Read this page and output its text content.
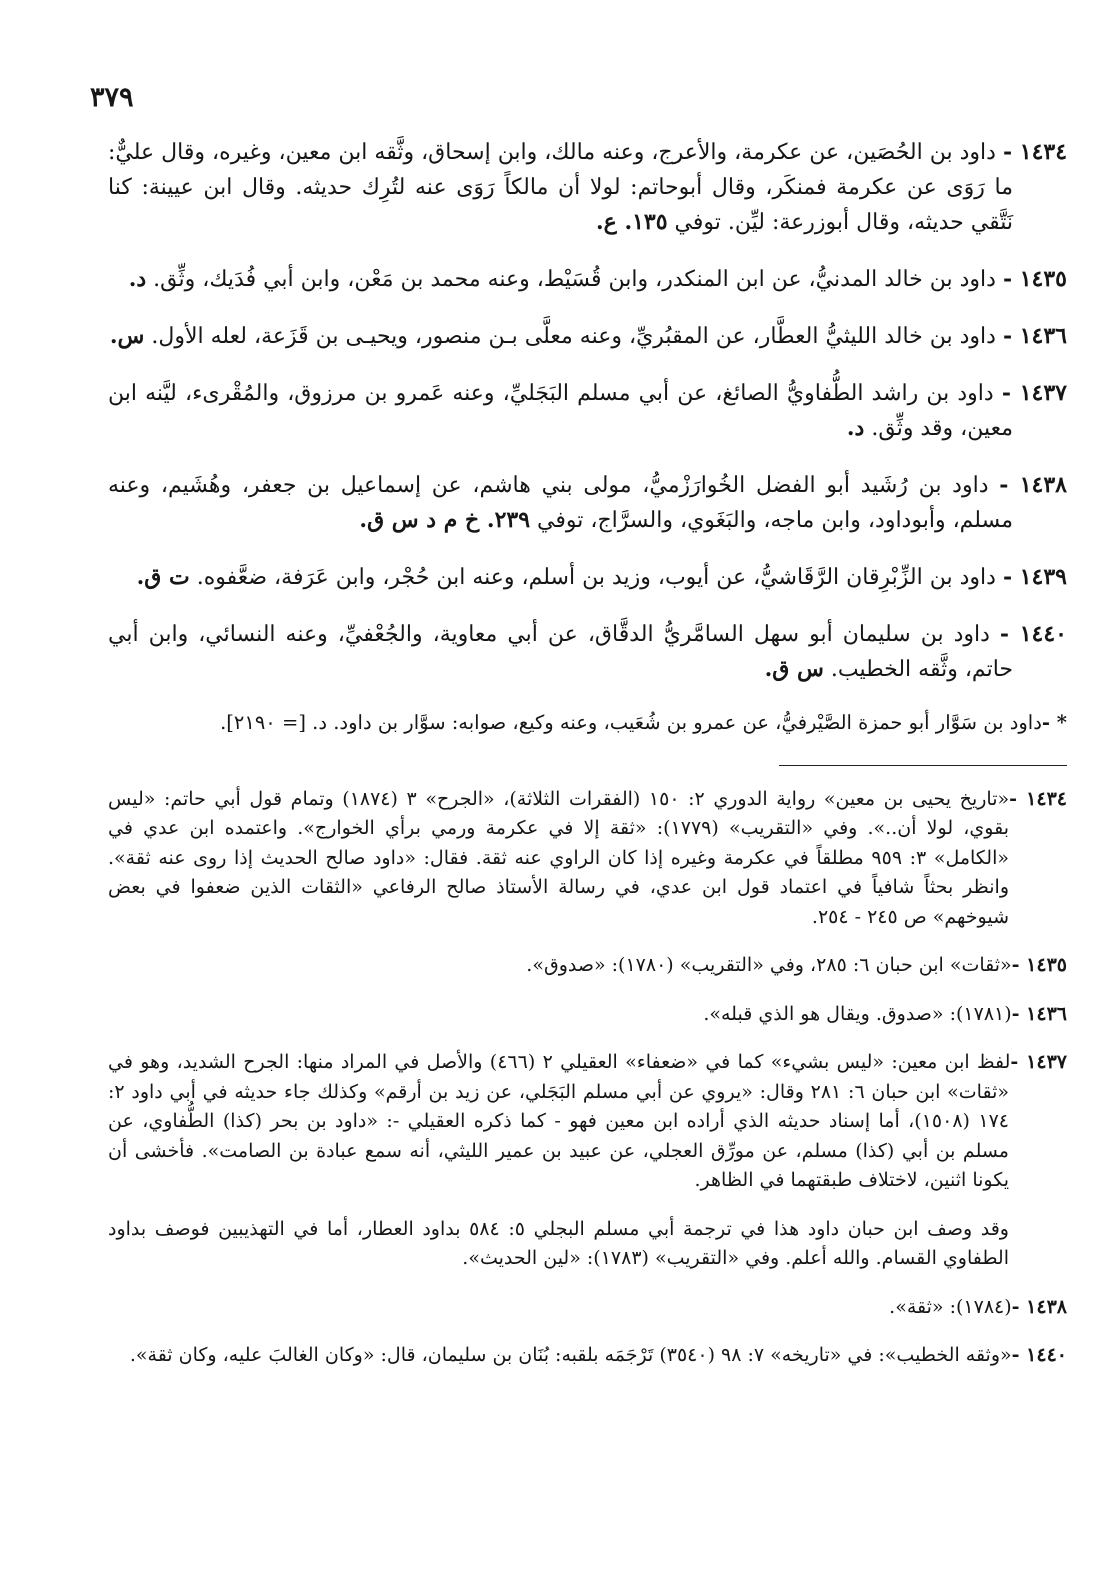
٣٧٩

١٤٣٤ - داود بن الحُصَين، عن عكرمة، والأعرج، وعنه مالك، وابن إسحاق، وثَّقه ابن معين، وغيره، وقال عليٌّ: ما رَوَى عن عكرمة فمنكَر، وقال أبوحاتم: لولا أن مالكاً رَوَى عنه لتُرِك حديثه. وقال ابن عيينة: كنا نَتَّقي حديثه، وقال أبوزرعة: ليِّن. توفي ١٣٥. ع.

١٤٣٥ - داود بن خالد المدنيُّ، عن ابن المنكدر، وابن قُسَيْط، وعنه محمد بن مَعْن، وابن أبي فُدَيك، وثِّق. د.

١٤٣٦ - داود بن خالد الليثيُّ العطَّار، عن المقبُريِّ، وعنه معلَّى بـن منصور، ويحيـى بن قَزَعة، لعله الأول. س.

١٤٣٧ - داود بن راشد الطُّفاويُّ الصائغ، عن أبي مسلم البَجَليِّ، وعنه عَمرو بن مرزوق، والمُقْرىء، ليَّنه ابن معين، وقد وثِّق. د.

١٤٣٨ - داود بن رُشَيد أبو الفضل الخُوارَزْميُّ، مولى بني هاشم، عن إسماعيل بن جعفر، وهُشَيم، وعنه مسلم، وأبوداود، وابن ماجه، والبَغَوي، والسرَّاج، توفي ٢٣٩. خ م د س ق.

١٤٣٩ - داود بن الزِّبْرِقان الرَّقَاشيُّ، عن أيوب، وزيد بن أسلم، وعنه ابن حُجْر، وابن عَرَفة، ضعَّفوه. ت ق.

١٤٤٠ - داود بن سليمان أبو سهل السامَّريُّ الدقَّاق، عن أبي معاوية، والجُعْفيِّ، وعنه النسائي، وابن أبي حاتم، وثَّقه الخطيب. س ق.

* -داود بن سَوَّار أبو حمزة الصَّيْرفيُّ، عن عمرو بن شُعَيب، وعنه وكيع، صوابه: سوَّار بن داود. د. [= ٢١٩٠].

١٤٣٤ -«تاريخ يحيى بن معين» رواية الدوري ٢: ١٥٠ (الفقرات الثلاثة)، «الجرح» ٣ (١٨٧٤) وتمام قول أبي حاتم: «ليس بقوي، لولا أن..». وفي «التقريب» (١٧٧٩): «ثقة إلا في عكرمة ورمي برأي الخوارج». واعتمده ابن عدي في «الكامل» ٣: ٩٥٩ مطلقاً في عكرمة وغيره إذا كان الراوي عنه ثقة. فقال: «داود صالح الحديث إذا روى عنه ثقة». وانظر بحثاً شافياً في اعتماد قول ابن عدي، في رسالة الأستاذ صالح الرفاعي «الثقات الذين ضعفوا في بعض شيوخهم» ص ٢٤٥ - ٢٥٤.

١٤٣٥ -«ثقات» ابن حبان ٦: ٢٨٥، وفي «التقريب» (١٧٨٠): «صدوق».

١٤٣٦ -(١٧٨١): «صدوق. ويقال هو الذي قبله».

١٤٣٧ -لفظ ابن معين: «ليس بشيء» كما في «ضعفاء» العقيلي ٢ (٤٦٦) والأصل في المراد منها: الجرح الشديد، وهو في «ثقات» ابن حبان ٦: ٢٨١ وقال: «يروي عن أبي مسلم البَجَلي، عن زيد بن أرقم» وكذلك جاء حديثه في أبي داود ٢: ١٧٤ (١٥٠٨)، أما إسناد حديثه الذي أراده ابن معين فهو - كما ذكره العقيلي -: «داود بن بحر (كذا) الطُّفاوي، عن مسلم بن أبي (كذا) مسلم، عن مورِّق العجلي، عن عبيد بن عمير الليثي، أنه سمع عبادة بن الصامت». فأخشى أن يكونا اثنين، لاختلاف طبقتهما في الظاهر.

وقد وصف ابن حبان داود هذا في ترجمة أبي مسلم البجلي ٥: ٥٨٤ بداود العطار، أما في التهذيبين فوصف بداود الطفاوي القسام. والله أعلم. وفي «التقريب» (١٧٨٣): «لين الحديث».

١٤٣٨ -(١٧٨٤): «ثقة».

١٤٤٠ -«وثقه الخطيب»: في «تاريخه» ٧: ٩٨ (٣٥٤٠) تَرْجَمَه بلقبه: بُنَان بن سليمان، قال: «وكان الغالبَ عليه، وكان ثقة».
